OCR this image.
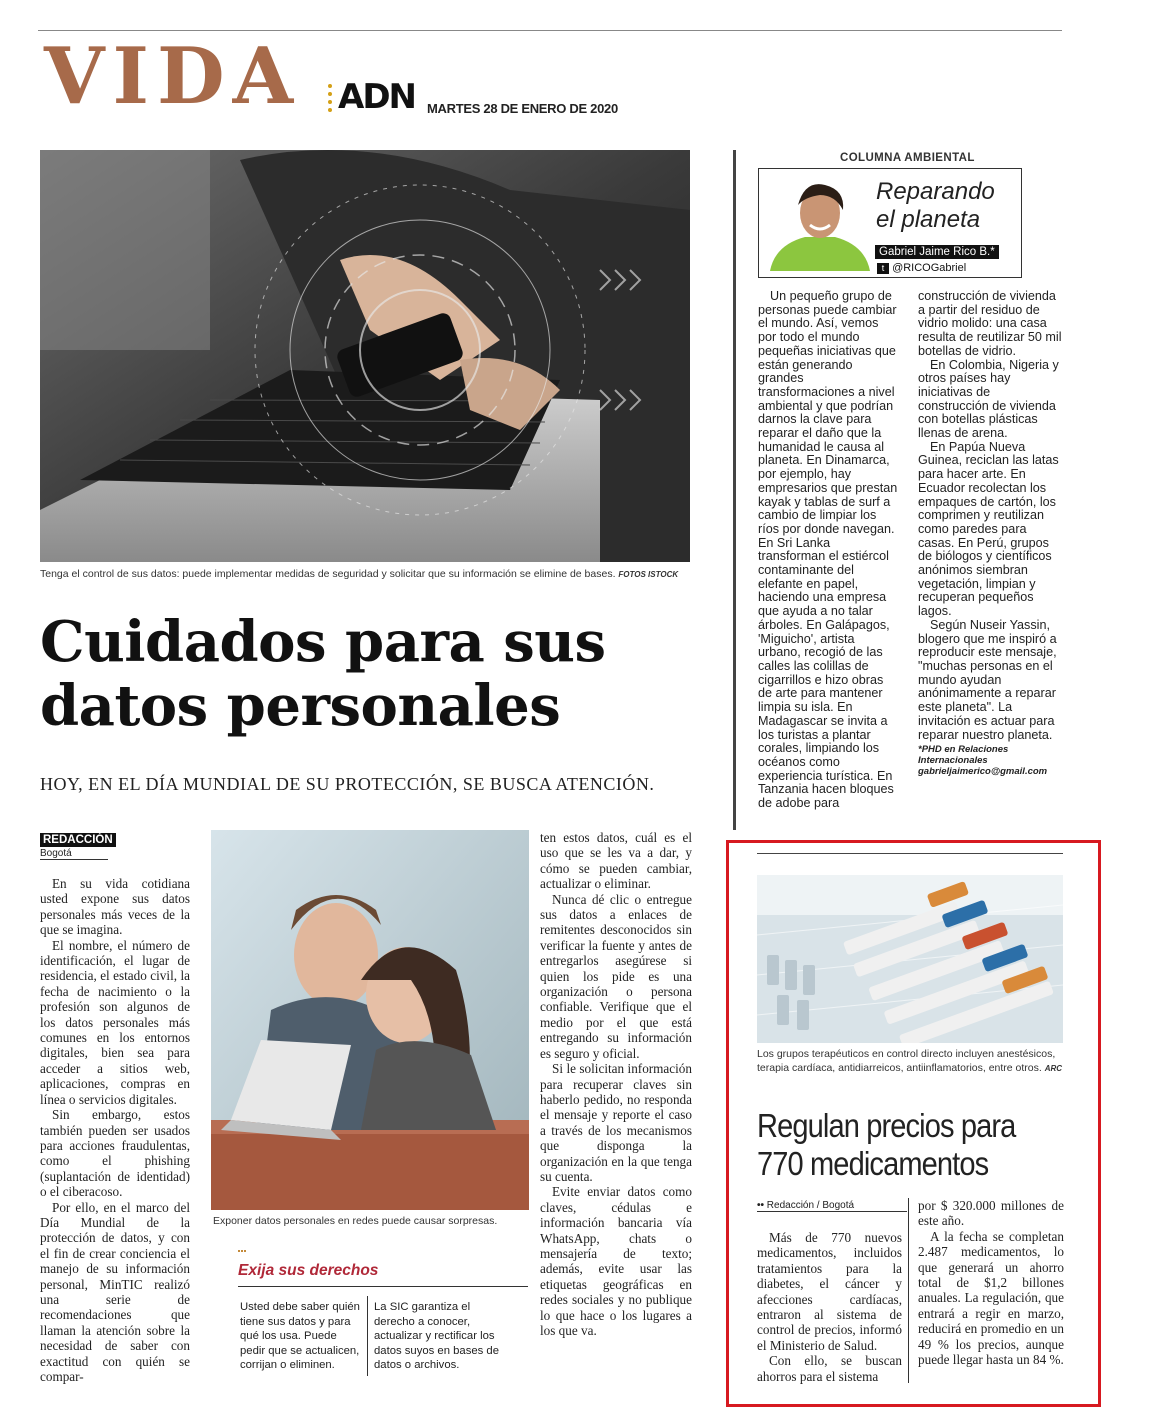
VIDA ADN MARTES 28 DE ENERO DE 2020
Tenga el control de sus datos: puede implementar medidas de seguridad y solicitar que su información se elimine de bases. FOTOS ISTOCK
Cuidados para sus
datos personales
HOY, EN EL DÍA MUNDIAL DE SU PROTECCIÓN, SE BUSCA ATENCIÓN.
REDACCIÓN
Bogotá

En su vida cotidiana usted expone sus datos personales más veces de la que se imagina.

El nombre, el número de identificación, el lugar de residencia, el estado civil, la fecha de nacimiento o la profesión son algunos de los datos personales más comunes en los entornos digitales, bien sea para acceder a sitios web, aplicaciones, compras en línea o servicios digitales.

Sin embargo, estos también pueden ser usados para acciones fraudulentas, como el phishing (suplantación de identidad) o el ciberacoso.

Por ello, en el marco del Día Mundial de la protección de datos, y con el fin de crear conciencia el manejo de su información personal, MinTIC realizó una serie de recomendaciones que llaman la atención sobre la necesidad de saber con exactitud con quién se compar-

Exponer datos personales en redes puede causar sorpresas.
Exija sus derechos
Usted debe saber quién tiene sus datos y para qué los usa. Puede pedir que se actualicen, corrijan o eliminen.
La SIC garantiza el derecho a conocer, actualizar y rectificar los datos suyos en bases de datos o archivos.

ten estos datos, cuál es el uso que se les va a dar, y cómo se pueden cambiar, actualizar o eliminar.

Nunca dé clic o entregue sus datos a enlaces de remitentes desconocidos sin verificar la fuente y antes de entregarlos asegúrese si quien los pide es una organización o persona confiable. Verifique que el medio por el que está entregando su información es seguro y oficial.

Si le solicitan información para recuperar claves sin haberlo pedido, no responda el mensaje y reporte el caso a través de los mecanismos que disponga la organización en la que tenga su cuenta.

Evite enviar datos como claves, cédulas e información bancaria vía WhatsApp, chats o mensajería de texto; además, evite usar las etiquetas geográficas en redes sociales y no publique lo que hace o los lugares a los que va.

COLUMNA AMBIENTAL
Reparando
el planeta
Gabriel Jaime Rico B.*
t @RICOGabriel

Un pequeño grupo de personas puede cambiar el mundo. Así, vemos por todo el mundo pequeñas iniciativas que están generando grandes transformaciones a nivel ambiental y que podrían darnos la clave para reparar el daño que la humanidad le causa al planeta. En Dinamarca, por ejemplo, hay empresarios que prestan kayak y tablas de surf a cambio de limpiar los ríos por donde navegan. En Sri Lanka transforman el estiércol contaminante del elefante en papel, haciendo una empresa que ayuda a no talar árboles. En Galápagos, 'Miguicho', artista urbano, recogió de las calles las colillas de cigarrillos e hizo obras de arte para mantener limpia su isla. En Madagascar se invita a los turistas a plantar corales, limpiando los océanos como experiencia turística. En Tanzania hacen bloques de adobe para

construcción de vivienda a partir del residuo de vidrio molido: una casa resulta de reutilizar 50 mil botellas de vidrio.

En Colombia, Nigeria y otros países hay iniciativas de construcción de vivienda con botellas plásticas llenas de arena.

En Papúa Nueva Guinea, reciclan las latas para hacer arte. En Ecuador recolectan los empaques de cartón, los comprimen y reutilizan como paredes para casas. En Perú, grupos de biólogos y científicos anónimos siembran vegetación, limpian y recuperan pequeños lagos.

Según Nuseir Yassin, blogero que me inspiró a reproducir este mensaje, "muchas personas en el mundo ayudan anónimamente a reparar este planeta". La invitación es actuar para reparar nuestro planeta.

*PHD en Relaciones
Internacionales
gabrieljaimerico@gmail.com
Los grupos terapéuticos en control directo incluyen anestésicos, terapia cardíaca, antidiarreicos, antiinflamatorios, entre otros. ARC
Regulan precios para
770 medicamentos
•• Redacción / Bogotá

Más de 770 nuevos medicamentos, incluidos tratamientos para la diabetes, el cáncer y afecciones cardíacas, entraron al sistema de control de precios, informó el Ministerio de Salud.

Con ello, se buscan ahorros para el sistema

por $ 320.000 millones de este año.

A la fecha se completan 2.487 medicamentos, lo que generará un ahorro total de $1,2 billones anuales. La regulación, que entrará a regir en marzo, reducirá en promedio en un 49 % los precios, aunque puede llegar hasta un 84 %.
